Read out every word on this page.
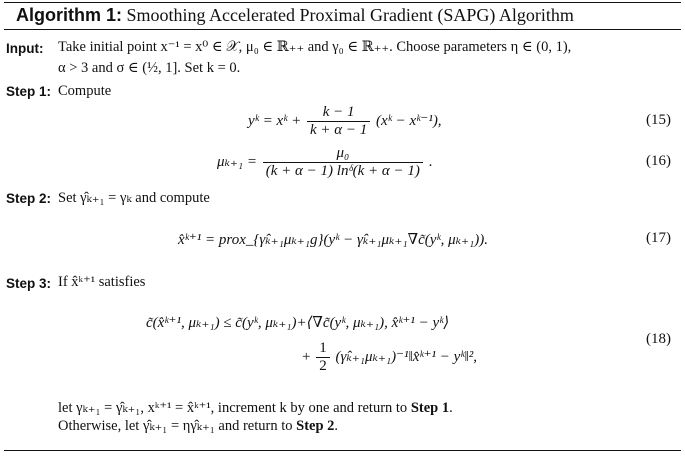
Algorithm 1: Smoothing Accelerated Proximal Gradient (SAPG) Algorithm
Input: Take initial point x⁻¹ = x⁰ ∈ 𝒳, μ₀ ∈ ℝ₊₊ and γ₀ ∈ ℝ₊₊. Choose parameters η ∈ (0, 1),
α > 3 and σ ∈ (½, 1]. Set k = 0.
Step 1: Compute
yᵏ = xᵏ + $\frac{k - 1}{k + \alpha - 1}$ (xᵏ − xᵏ⁻¹),	(15)
$\mu_{k+1} = \frac{\text{μ₀}}{\text{(k + α − 1) lnᵟ(k + α − 1)}}$ .	(16)
Step 2: Set γ̂ₖ₊₁ = γₖ and compute
x̂ᵏ⁺¹ = prox_{γ̂ₖ₊₁μₖ₊₁g}(yᵏ − γ̂ₖ₊₁μₖ₊₁∇c̃(yᵏ, μₖ₊₁)).	(17)
Step 3: If x̂ᵏ⁺¹ satisfies
c̃(x̂ᵏ⁺¹, μₖ₊₁) ≤ c̃(yᵏ, μₖ₊₁)+⟨∇c̃(yᵏ, μₖ₊₁), x̂ᵏ⁺¹ − yᵏ⟩
+ $\frac{1}{2}$ (γ̂ₖ₊₁μₖ₊₁)⁻¹‖x̂ᵏ⁺¹ − yᵏ‖²,
(18)
let γₖ₊₁ = γ̂ₖ₊₁, xᵏ⁺¹ = x̂ᵏ⁺¹, increment k by one and return to Step 1.
Otherwise, let γ̂ₖ₊₁ = ηγ̂ₖ₊₁ and return to Step 2.
